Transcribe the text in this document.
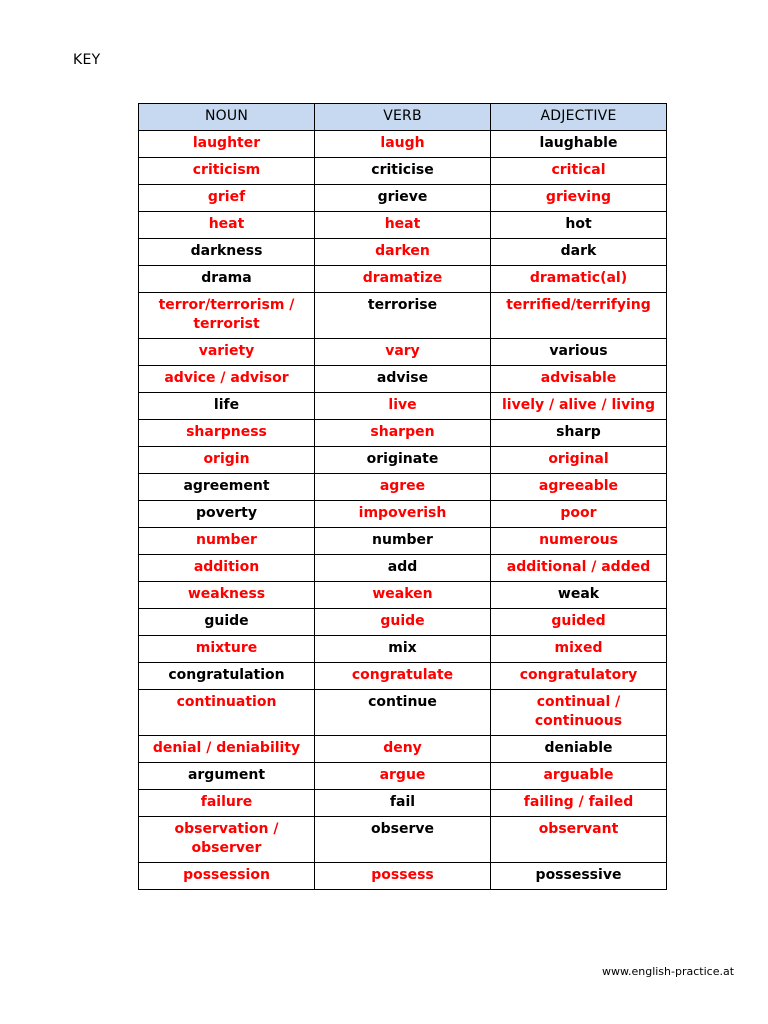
KEY
NOUN	VERB	ADJECTIVE
laughter	laugh	laughable
criticism	criticise	critical
grief	grieve	grieving
heat	heat	hot
darkness	darken	dark
drama	dramatize	dramatic(al)
terror/terrorism / terrorist	terrorise	terrified/terrifying
variety	vary	various
advice / advisor	advise	advisable
life	live	lively / alive / living
sharpness	sharpen	sharp
origin	originate	original
agreement	agree	agreeable
poverty	impoverish	poor
number	number	numerous
addition	add	additional / added
weakness	weaken	weak
guide	guide	guided
mixture	mix	mixed
congratulation	congratulate	congratulatory
continuation	continue	continual / continuous
denial / deniability	deny	deniable
argument	argue	arguable
failure	fail	failing / failed
observation / observer	observe	observant
possession	possess	possessive
www.english-practice.at
